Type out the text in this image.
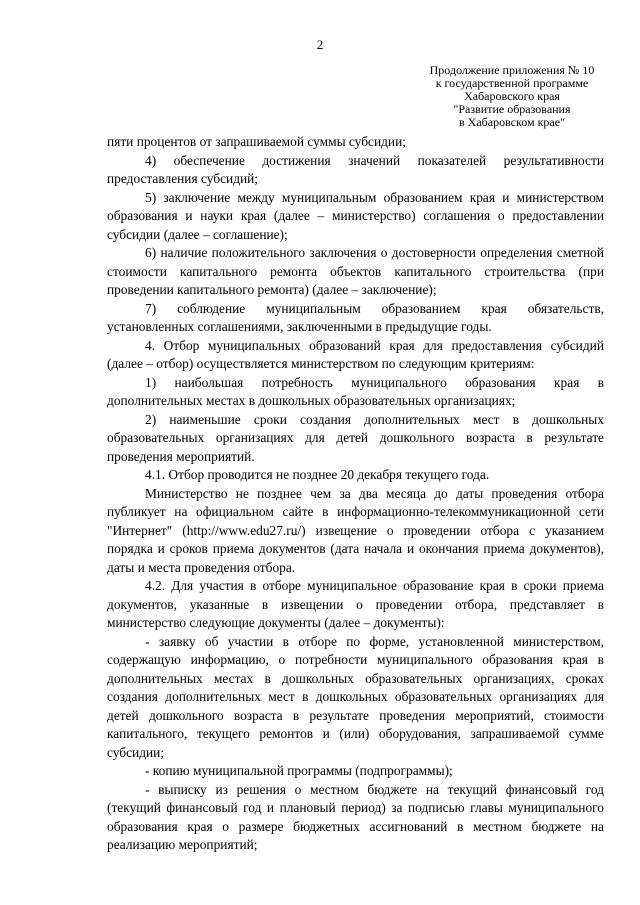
2
Продолжение приложения № 10
к государственной программе
Хабаровского края
"Развитие образования
в Хабаровском крае"

пяти процентов от запрашиваемой суммы субсидии;

4) обеспечение достижения значений показателей результативности предоставления субсидий;

5) заключение между муниципальным образованием края и министерством образования и науки края (далее – министерство) соглашения о предоставлении субсидии (далее – соглашение);

6) наличие положительного заключения о достоверности определения сметной стоимости капитального ремонта объектов капитального строительства (при проведении капитального ремонта) (далее – заключение);

7) соблюдение муниципальным образованием края обязательств, установленных соглашениями, заключенными в предыдущие годы.

4. Отбор муниципальных образований края для предоставления субсидий (далее – отбор) осуществляется министерством по следующим критериям:

1) наибольшая потребность муниципального образования края в дополнительных местах в дошкольных образовательных организациях;

2) наименьшие сроки создания дополнительных мест в дошкольных образовательных организациях для детей дошкольного возраста в результате проведения мероприятий.

4.1. Отбор проводится не позднее 20 декабря текущего года.

Министерство не позднее чем за два месяца до даты проведения отбора публикует на официальном сайте в информационно-телекоммуникационной сети "Интернет" (http://www.edu27.ru/) извещение о проведении отбора с указанием порядка и сроков приема документов (дата начала и окончания приема документов), даты и места проведения отбора.

4.2. Для участия в отборе муниципальное образование края в сроки приема документов, указанные в извещении о проведении отбора, представляет в министерство следующие документы (далее – документы):

- заявку об участии в отборе по форме, установленной министерством, содержащую информацию, о потребности муниципального образования края в дополнительных местах в дошкольных образовательных организациях, сроках создания дополнительных мест в дошкольных образовательных организациях для детей дошкольного возраста в результате проведения мероприятий, стоимости капитального, текущего ремонтов и (или) оборудования, запрашиваемой сумме субсидии;

- копию муниципальной программы (подпрограммы);

- выписку из решения о местном бюджете на текущий финансовый год (текущий финансовый год и плановый период) за подписью главы муниципального образования края о размере бюджетных ассигнований в местном бюджете на реализацию мероприятий;
